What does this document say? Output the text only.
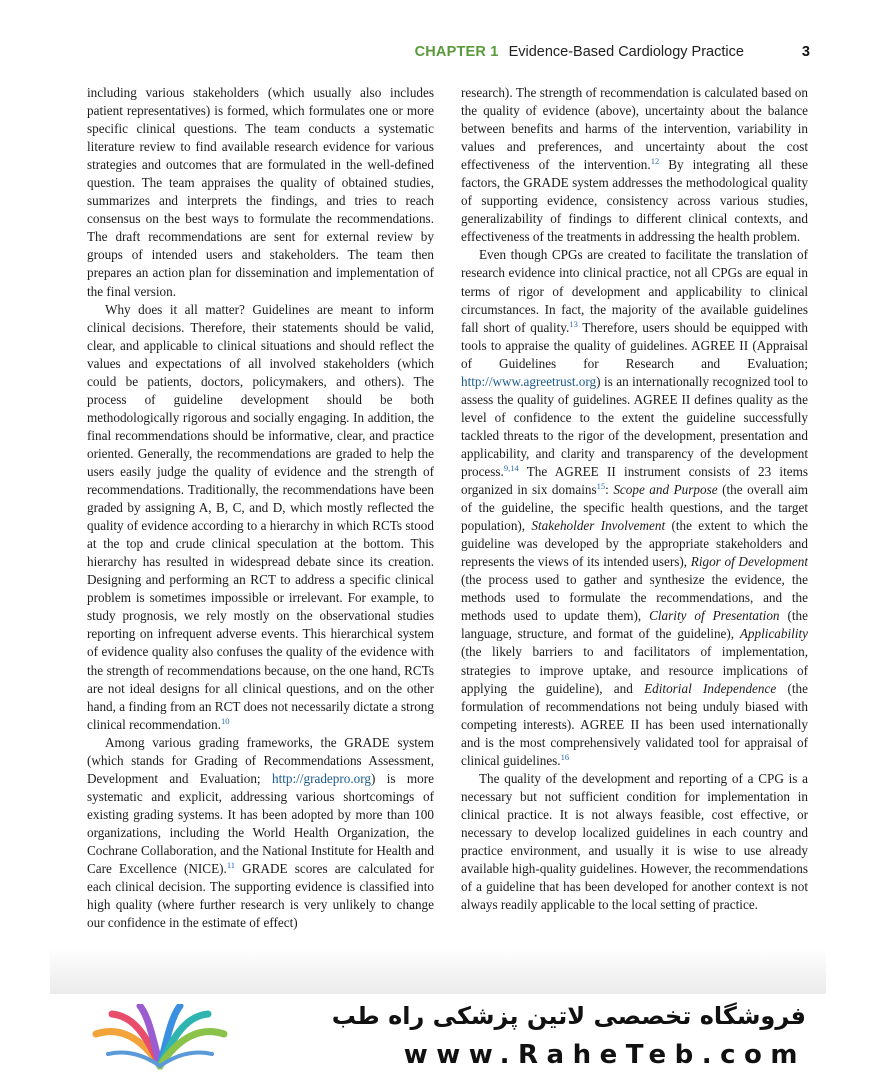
CHAPTER 1 Evidence-Based Cardiology Practice	3

including various stakeholders (which usually also includes patient representatives) is formed, which formulates one or more specific clinical questions. The team conducts a systematic literature review to find available research evidence for various strategies and outcomes that are formulated in the well-defined question. The team appraises the quality of obtained studies, summarizes and interprets the findings, and tries to reach consensus on the best ways to formulate the recommendations. The draft recommendations are sent for external review by groups of intended users and stakeholders. The team then prepares an action plan for dissemination and implementation of the final version.

Why does it all matter? Guidelines are meant to inform clinical decisions. Therefore, their statements should be valid, clear, and applicable to clinical situations and should reflect the values and expectations of all involved stakeholders (which could be patients, doctors, policymakers, and others). The process of guideline development should be both methodologically rigorous and socially engaging. In addition, the final recommendations should be informative, clear, and practice oriented. Generally, the recommendations are graded to help the users easily judge the quality of evidence and the strength of recommendations. Traditionally, the recommendations have been graded by assigning A, B, C, and D, which mostly reflected the quality of evidence according to a hierarchy in which RCTs stood at the top and crude clinical speculation at the bottom. This hierarchy has resulted in widespread debate since its creation. Designing and performing an RCT to address a specific clinical problem is sometimes impossible or irrelevant. For example, to study prognosis, we rely mostly on the observational studies reporting on infrequent adverse events. This hierarchical system of evidence quality also confuses the quality of the evidence with the strength of recommendations because, on the one hand, RCTs are not ideal designs for all clinical questions, and on the other hand, a finding from an RCT does not necessarily dictate a strong clinical recommendation.$^{10}$

Among various grading frameworks, the GRADE system (which stands for Grading of Recommendations Assessment, Development and Evaluation; http://gradepro.org) is more systematic and explicit, addressing various shortcomings of existing grading systems. It has been adopted by more than 100 organizations, including the World Health Organization, the Cochrane Collaboration, and the National Institute for Health and Care Excellence (NICE).$^{11}$ GRADE scores are calculated for each clinical decision. The supporting evidence is classified into high quality (where further research is very unlikely to change our confidence in the estimate of effect)

research). The strength of recommendation is calculated based on the quality of evidence (above), uncertainty about the balance between benefits and harms of the intervention, variability in values and preferences, and uncertainty about the cost effectiveness of the intervention.$^{12}$ By integrating all these factors, the GRADE system addresses the methodological quality of supporting evidence, consistency across various studies, generalizability of findings to different clinical contexts, and effectiveness of the treatments in addressing the health problem.

Even though CPGs are created to facilitate the translation of research evidence into clinical practice, not all CPGs are equal in terms of rigor of development and applicability to clinical circumstances. In fact, the majority of the available guidelines fall short of quality.$^{13}$ Therefore, users should be equipped with tools to appraise the quality of guidelines. AGREE II (Appraisal of Guidelines for Research and Evaluation; http://www.agreetrust.org) is an internationally recognized tool to assess the quality of guidelines. AGREE II defines quality as the level of confidence to the extent the guideline successfully tackled threats to the rigor of the development, presentation and applicability, and clarity and transparency of the development process.$^{9,14}$ The AGREE II instrument consists of 23 items organized in six domains$^{15}$: Scope and Purpose (the overall aim of the guideline, the specific health questions, and the target population), Stakeholder Involvement (the extent to which the guideline was developed by the appropriate stakeholders and represents the views of its intended users), Rigor of Development (the process used to gather and synthesize the evidence, the methods used to formulate the recommendations, and the methods used to update them), Clarity of Presentation (the language, structure, and format of the guideline), Applicability (the likely barriers to and facilitators of implementation, strategies to improve uptake, and resource implications of applying the guideline), and Editorial Independence (the formulation of recommendations not being unduly biased with competing interests). AGREE II has been used internationally and is the most comprehensively validated tool for appraisal of clinical guidelines.$^{16}$

The quality of the development and reporting of a CPG is a necessary but not sufficient condition for implementation in clinical practice. It is not always feasible, cost effective, or necessary to develop localized guidelines in each country and practice environment, and usually it is wise to use already available high-quality guidelines. However, the recommendations of a guideline that has been developed for another context is not always readily applicable to the local setting of practice.

فروشگاه تخصصی لاتین پزشکی راه طب
www.RaheTeb.com
